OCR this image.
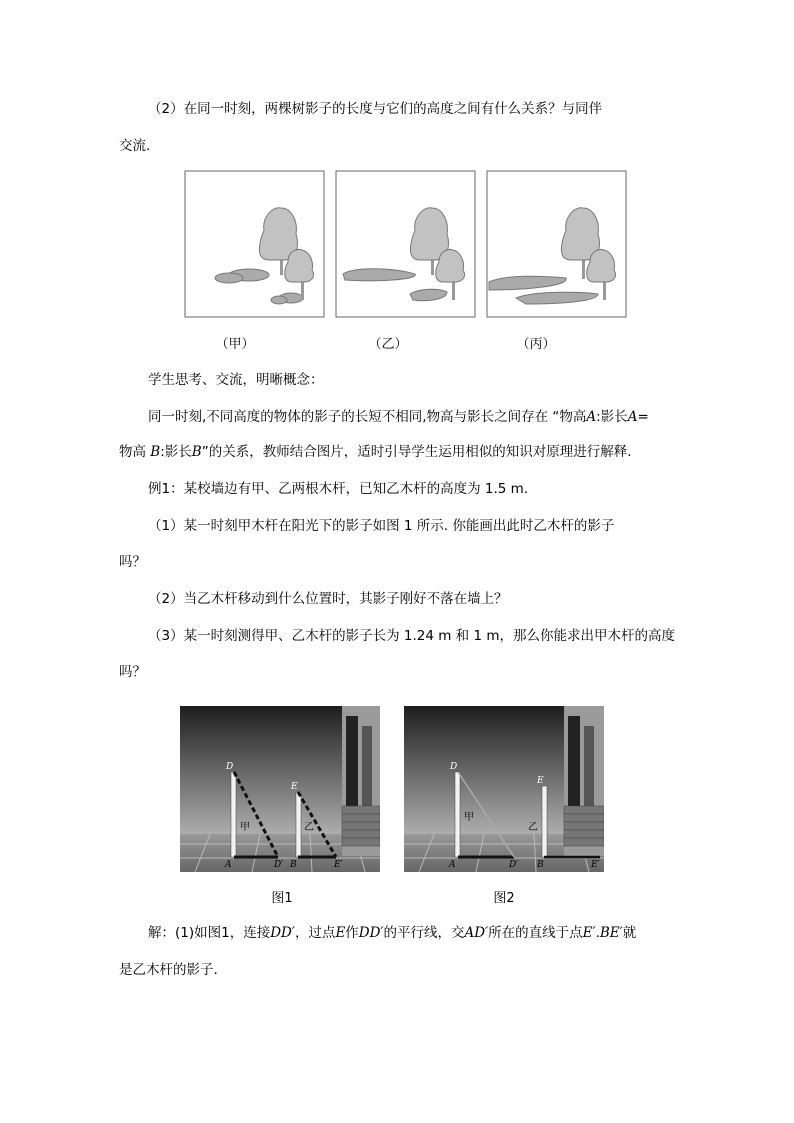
（2）在同一时刻，两棵树影子的长度与它们的高度之间有什么关系？与同伴
交流.
（甲）	（乙）	（丙）
学生思考、交流，明晰概念：
同一时刻,不同高度的物体的影子的长短不相同,物高与影长之间存在 “物高A:影长A=
物高 B:影长B”的关系，教师结合图片，适时引导学生运用相似的知识对原理进行解释.
例1：某校墙边有甲、乙两根木杆，已知乙木杆的高度为 1.5 m.
（1）某一时刻甲木杆在阳光下的影子如图 1 所示. 你能画出此时乙木杆的影子
吗？
（2）当乙木杆移动到什么位置时，其影子刚好不落在墙上？
（3）某一时刻测得甲、乙木杆的影子长为 1.24 m 和 1 m，那么你能求出甲木杆的高度
吗？
D
E
A	B
D′	E′
甲	乙
图1
D
E
A	B
D′	E′
甲
乙
图2
解：(1)如图1，连接DD′，过点E作DD′的平行线，交AD′所在的直线于点E′.BE′就
是乙木杆的影子.
